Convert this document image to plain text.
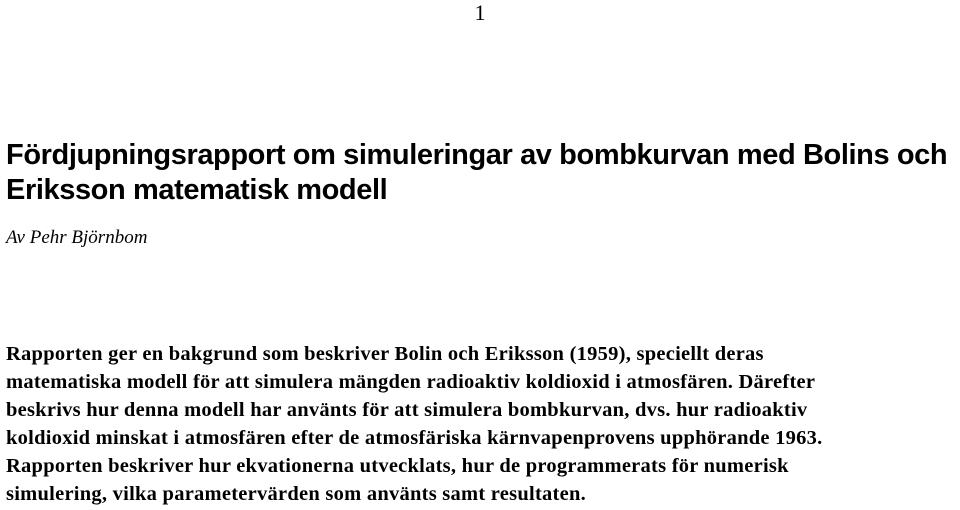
1
Fördjupningsrapport om simuleringar av bombkurvan med Bolins och Eriksson matematisk modell
Av Pehr Björnbom

Rapporten ger en bakgrund som beskriver Bolin och Eriksson (1959), speciellt deras
matematiska modell för att simulera mängden radioaktiv koldioxid i atmosfären. Därefter
beskrivs hur denna modell har använts för att simulera bombkurvan, dvs. hur radioaktiv
koldioxid minskat i atmosfären efter de atmosfäriska kärnvapenprovens upphörande 1963.
Rapporten beskriver hur ekvationerna utvecklats, hur de programmerats för numerisk
simulering, vilka parametervärden som använts samt resultaten.
